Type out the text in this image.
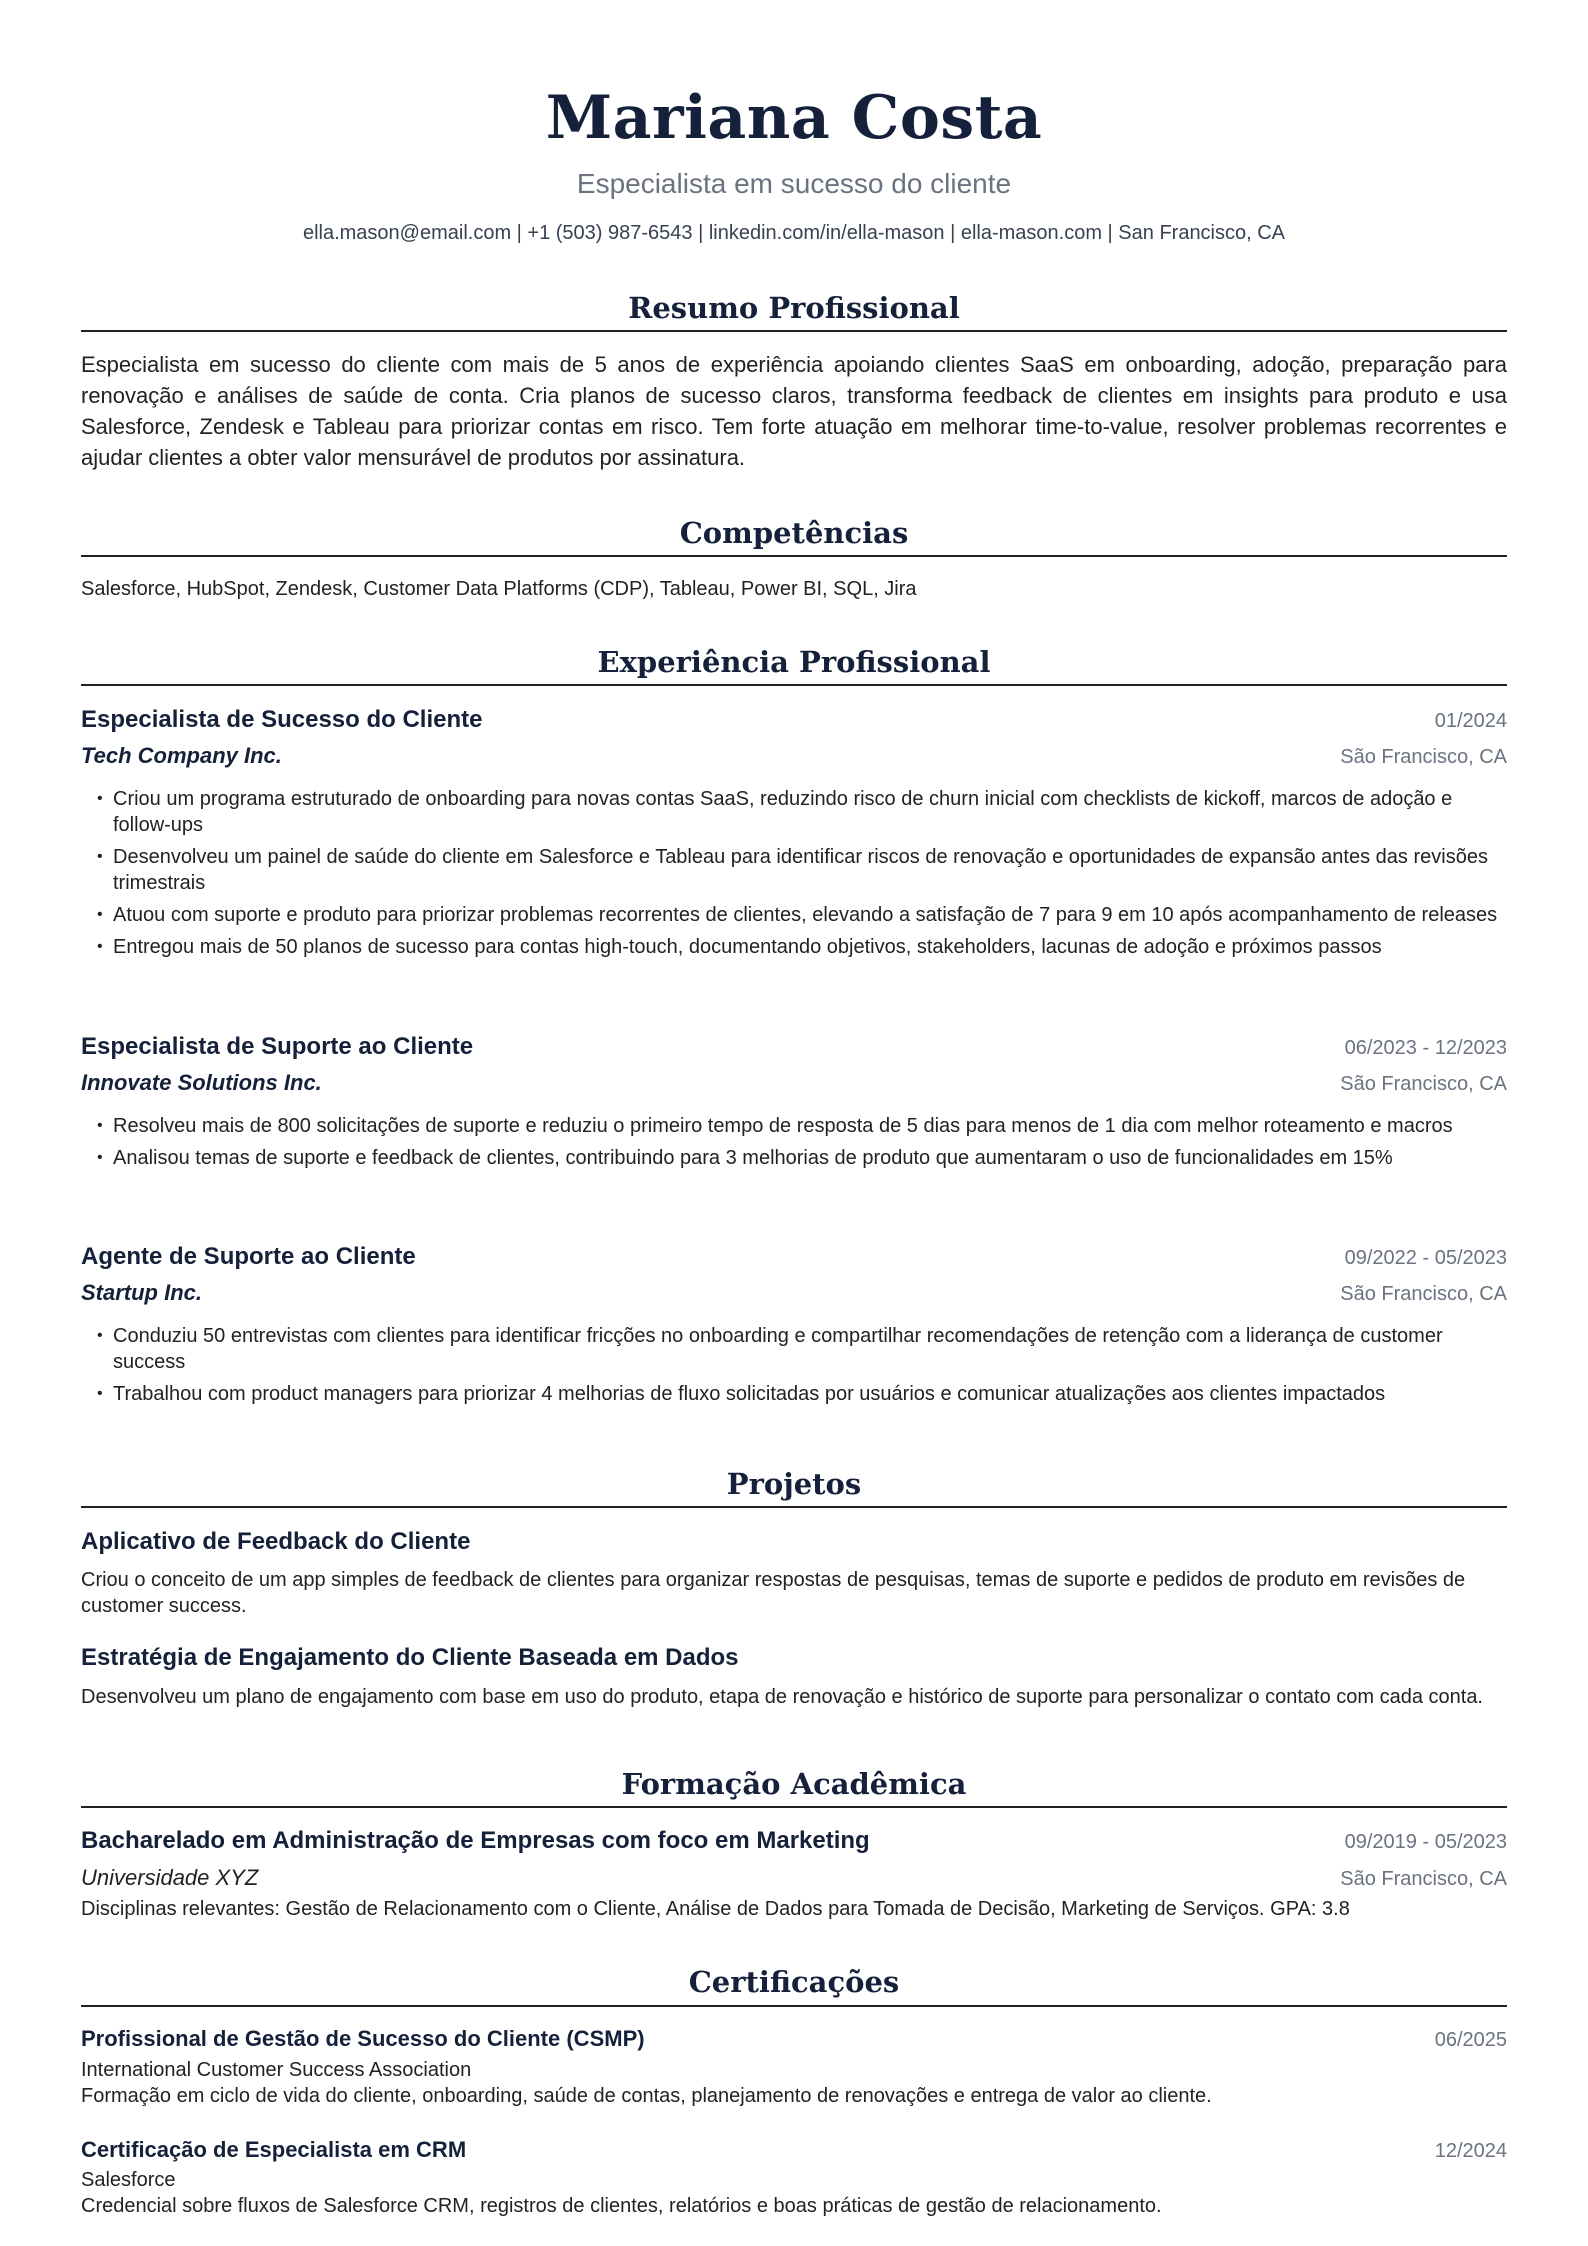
Mariana Costa
Especialista em sucesso do cliente
ella.mason@email.com | +1 (503) 987-6543 | linkedin.com/in/ella-mason | ella-mason.com | San Francisco, CA
Resumo Profissional
Especialista em sucesso do cliente com mais de 5 anos de experiência apoiando clientes SaaS em onboarding, adoção, preparação para renovação e análises de saúde de conta. Cria planos de sucesso claros, transforma feedback de clientes em insights para produto e usa Salesforce, Zendesk e Tableau para priorizar contas em risco. Tem forte atuação em melhorar time-to-value, resolver problemas recorrentes e ajudar clientes a obter valor mensurável de produtos por assinatura.
Competências
Salesforce, HubSpot, Zendesk, Customer Data Platforms (CDP), Tableau, Power BI, SQL, Jira
Experiência Profissional
Especialista de Sucesso do Cliente	01/2024
Tech Company Inc.	São Francisco, CA
• Criou um programa estruturado de onboarding para novas contas SaaS, reduzindo risco de churn inicial com checklists de kickoff, marcos de adoção e follow-ups
• Desenvolveu um painel de saúde do cliente em Salesforce e Tableau para identificar riscos de renovação e oportunidades de expansão antes das revisões trimestrais
• Atuou com suporte e produto para priorizar problemas recorrentes de clientes, elevando a satisfação de 7 para 9 em 10 após acompanhamento de releases
• Entregou mais de 50 planos de sucesso para contas high-touch, documentando objetivos, stakeholders, lacunas de adoção e próximos passos
Especialista de Suporte ao Cliente	06/2023 - 12/2023
Innovate Solutions Inc.	São Francisco, CA
• Resolveu mais de 800 solicitações de suporte e reduziu o primeiro tempo de resposta de 5 dias para menos de 1 dia com melhor roteamento e macros
• Analisou temas de suporte e feedback de clientes, contribuindo para 3 melhorias de produto que aumentaram o uso de funcionalidades em 15%
Agente de Suporte ao Cliente	09/2022 - 05/2023
Startup Inc.	São Francisco, CA
• Conduziu 50 entrevistas com clientes para identificar fricções no onboarding e compartilhar recomendações de retenção com a liderança de customer success
• Trabalhou com product managers para priorizar 4 melhorias de fluxo solicitadas por usuários e comunicar atualizações aos clientes impactados
Projetos
Aplicativo de Feedback do Cliente
Criou o conceito de um app simples de feedback de clientes para organizar respostas de pesquisas, temas de suporte e pedidos de produto em revisões de customer success.
Estratégia de Engajamento do Cliente Baseada em Dados
Desenvolveu um plano de engajamento com base em uso do produto, etapa de renovação e histórico de suporte para personalizar o contato com cada conta.
Formação Acadêmica
Bacharelado em Administração de Empresas com foco em Marketing	09/2019 - 05/2023
Universidade XYZ	São Francisco, CA
Disciplinas relevantes: Gestão de Relacionamento com o Cliente, Análise de Dados para Tomada de Decisão, Marketing de Serviços. GPA: 3.8
Certificações
Profissional de Gestão de Sucesso do Cliente (CSMP)	06/2025
International Customer Success Association
Formação em ciclo de vida do cliente, onboarding, saúde de contas, planejamento de renovações e entrega de valor ao cliente.
Certificação de Especialista em CRM	12/2024
Salesforce
Credencial sobre fluxos de Salesforce CRM, registros de clientes, relatórios e boas práticas de gestão de relacionamento.
